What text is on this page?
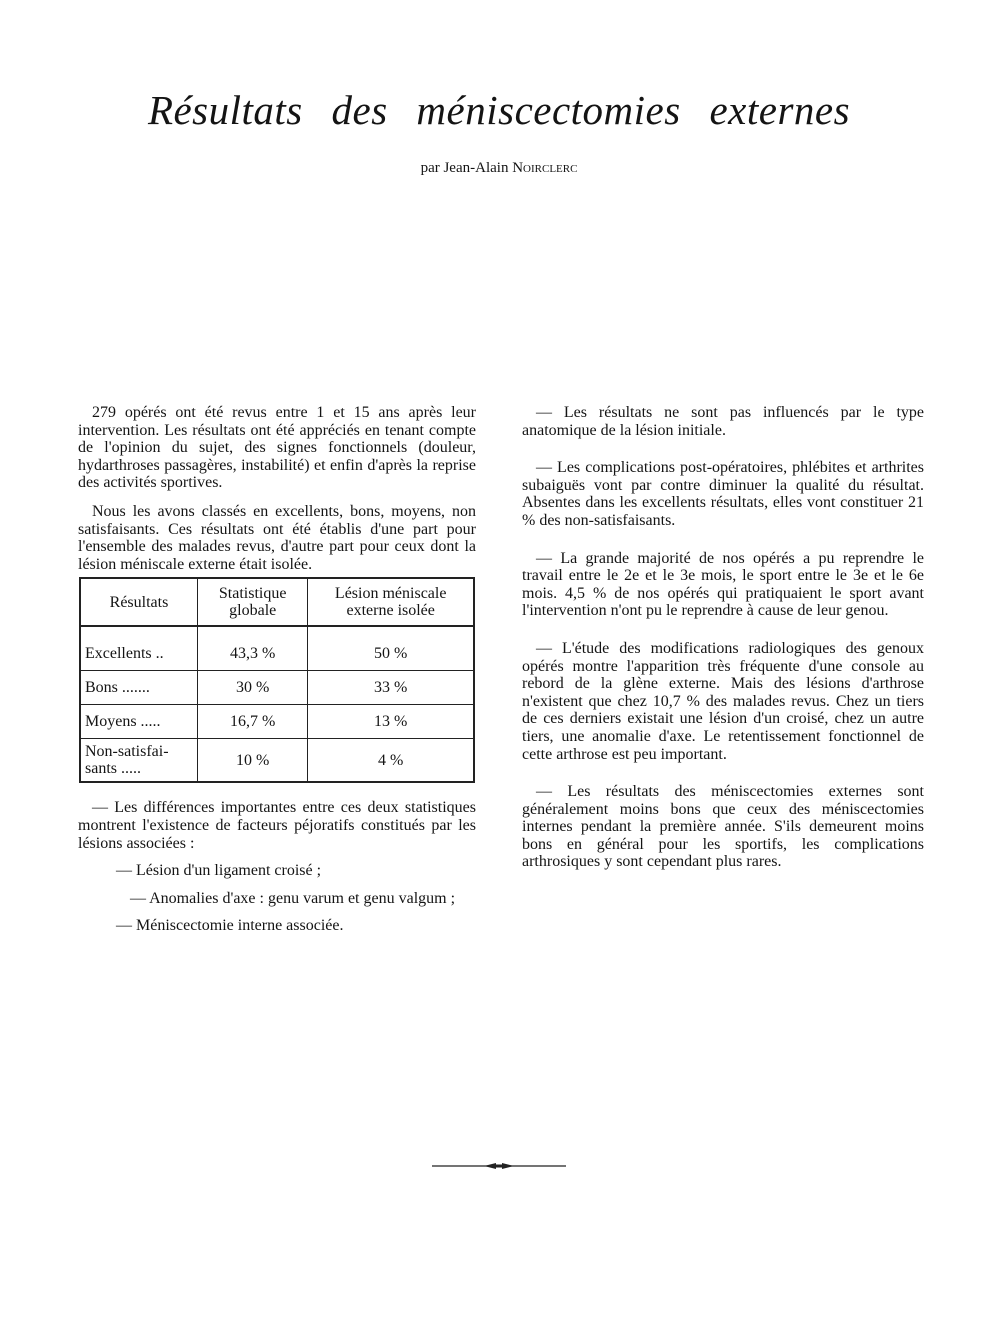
Résultats des méniscectomies externes
par Jean-Alain Noirclerc

279 opérés ont été revus entre 1 et 15 ans après leur intervention. Les résultats ont été appréciés en tenant compte de l'opinion du sujet, des signes fonctionnels (douleur, hydarthroses passagères, instabilité) et enfin d'après la reprise des activités sportives.

Nous les avons classés en excellents, bons, moyens, non satisfaisants. Ces résultats ont été établis d'une part pour l'ensemble des malades revus, d'autre part pour ceux dont la lésion méniscale externe était isolée.

Résultats	Statistique globale	Lésion méniscale externe isolée

Excellents ..	43,3 %	50 %
Bons .......	30 %	33 %
Moyens .....	16,7 %	13 %
Non-satisfai- sants .....	10 %	4 %

— Les différences importantes entre ces deux statistiques montrent l'existence de facteurs péjoratifs constitués par les lésions associées :

— Lésion d'un ligament croisé ;

— Anomalies d'axe : genu varum et genu valgum ;

— Méniscectomie interne associée.

— Les résultats ne sont pas influencés par le type anatomique de la lésion initiale.

— Les complications post-opératoires, phlébites et arthrites subaiguës vont par contre diminuer la qualité du résultat. Absentes dans les excellents résultats, elles vont constituer 21 % des non-satisfaisants.

— La grande majorité de nos opérés a pu reprendre le travail entre le 2e et le 3e mois, le sport entre le 3e et le 6e mois. 4,5 % de nos opérés qui pratiquaient le sport avant l'intervention n'ont pu le reprendre à cause de leur genou.

— L'étude des modifications radiologiques des genoux opérés montre l'apparition très fréquente d'une console au rebord de la glène externe. Mais des lésions d'arthrose n'existent que chez 10,7 % des malades revus. Chez un tiers de ces derniers existait une lésion d'un croisé, chez un autre tiers, une anomalie d'axe. Le retentissement fonctionnel de cette arthrose est peu important.

— Les résultats des méniscectomies externes sont généralement moins bons que ceux des méniscectomies internes pendant la première année. S'ils demeurent moins bons en général pour les sportifs, les complications arthrosiques y sont cependant plus rares.
